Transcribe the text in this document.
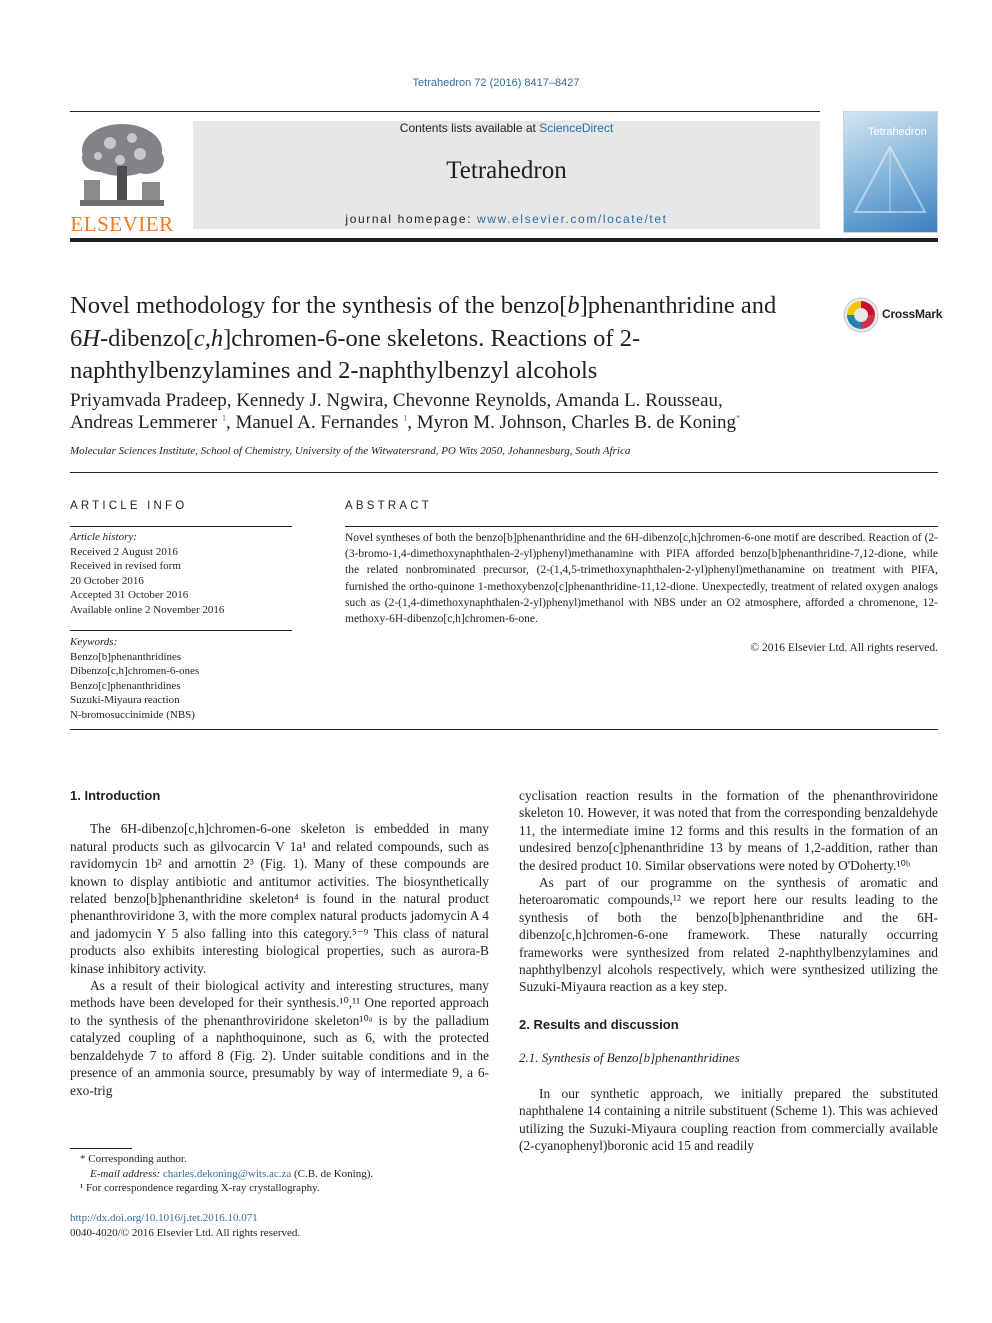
Tetrahedron 72 (2016) 8417–8427
ELSEVIER
Contents lists available at ScienceDirect
Tetrahedron
journal homepage: www.elsevier.com/locate/tet
Tetrahedron
Novel methodology for the synthesis of the benzo[b]phenanthridine and 6H-dibenzo[c,h]chromen-6-one skeletons. Reactions of 2-naphthylbenzylamines and 2-naphthylbenzyl alcohols
CrossMark
Priyamvada Pradeep, Kennedy J. Ngwira, Chevonne Reynolds, Amanda L. Rousseau,
Andreas Lemmerer $^1$, Manuel A. Fernandes $^1$, Myron M. Johnson, Charles B. de Koning*
Molecular Sciences Institute, School of Chemistry, University of the Witwatersrand, PO Wits 2050, Johannesburg, South Africa
ARTICLE INFO
Article history:
Received 2 August 2016
Received in revised form
20 October 2016
Accepted 31 October 2016
Available online 2 November 2016
Keywords:
Benzo[b]phenanthridines
Dibenzo[c,h]chromen-6-ones
Benzo[c]phenanthridines
Suzuki-Miyaura reaction
N-bromosuccinimide (NBS)
ABSTRACT
Novel syntheses of both the benzo[b]phenanthridine and the 6H-dibenzo[c,h]chromen-6-one motif are described. Reaction of (2-(3-bromo-1,4-dimethoxynaphthalen-2-yl)phenyl)methanamine with PIFA afforded benzo[b]phenanthridine-7,12-dione, while the related nonbrominated precursor, (2-(1,4,5-trimethoxynaphthalen-2-yl)phenyl)methanamine on treatment with PIFA, furnished the ortho-quinone 1-methoxybenzo[c]phenanthridine-11,12-dione. Unexpectedly, treatment of related oxygen analogs such as (2-(1,4-dimethoxynaphthalen-2-yl)phenyl)methanol with NBS under an O2 atmosphere, afforded a chromenone, 12-methoxy-6H-dibenzo[c,h]chromen-6-one.
© 2016 Elsevier Ltd. All rights reserved.
1. Introduction

The 6H-dibenzo[c,h]chromen-6-one skeleton is embedded in many natural products such as gilvocarcin V 1a¹ and related compounds, such as ravidomycin 1b² and arnottin 2³ (Fig. 1). Many of these compounds are known to display antibiotic and antitumor activities. The biosynthetically related benzo[b]phenanthridine skeleton⁴ is found in the natural product phenanthroviridone 3, with the more complex natural products jadomycin A 4 and jadomycin Y 5 also falling into this category.⁵⁻⁹ This class of natural products also exhibits interesting biological properties, such as aurora-B kinase inhibitory activity.

As a result of their biological activity and interesting structures, many methods have been developed for their synthesis.¹⁰,¹¹ One reported approach to the synthesis of the phenanthroviridone skeleton¹⁰ᵃ is by the palladium catalyzed coupling of a naphthoquinone, such as 6, with the protected benzaldehyde 7 to afford 8 (Fig. 2). Under suitable conditions and in the presence of an ammonia source, presumably by way of intermediate 9, a 6-exo-trig

cyclisation reaction results in the formation of the phenanthroviridone skeleton 10. However, it was noted that from the corresponding benzaldehyde 11, the intermediate imine 12 forms and this results in the formation of an undesired benzo[c]phenanthridine 13 by means of 1,2-addition, rather than the desired product 10. Similar observations were noted by O'Doherty.¹⁰ᵇ

As part of our programme on the synthesis of aromatic and heteroaromatic compounds,¹² we report here our results leading to the synthesis of both the benzo[b]phenanthridine and the 6H-dibenzo[c,h]chromen-6-one framework. These naturally occurring frameworks were synthesized from related 2-naphthylbenzylamines and naphthylbenzyl alcohols respectively, which were synthesized utilizing the Suzuki-Miyaura reaction as a key step.

2. Results and discussion
2.1. Synthesis of Benzo[b]phenanthridines

In our synthetic approach, we initially prepared the substituted naphthalene 14 containing a nitrile substituent (Scheme 1). This was achieved utilizing the Suzuki-Miyaura coupling reaction from commercially available (2-cyanophenyl)boronic acid 15 and readily

* Corresponding author.
E-mail address: charles.dekoning@wits.ac.za (C.B. de Koning).
¹ For correspondence regarding X-ray crystallography.
http://dx.doi.org/10.1016/j.tet.2016.10.071
0040-4020/© 2016 Elsevier Ltd. All rights reserved.
